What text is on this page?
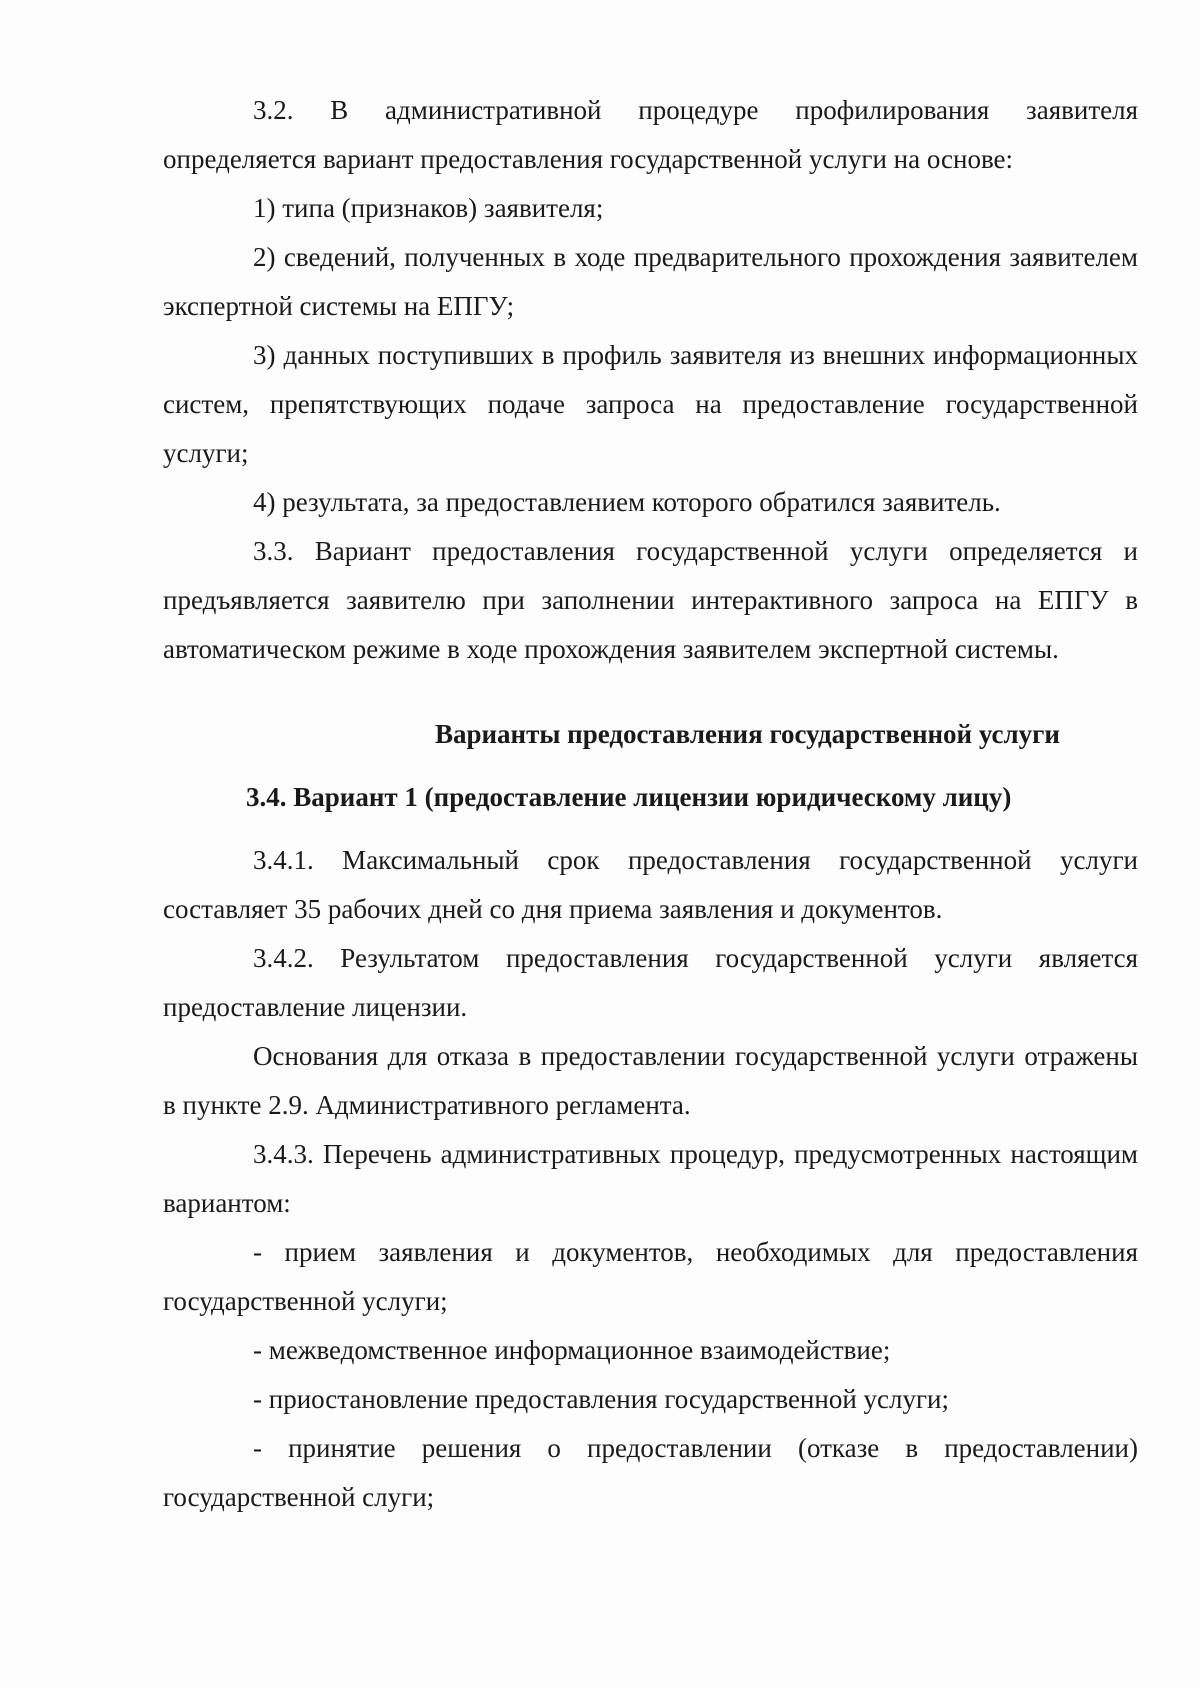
3.2. В административной процедуре профилирования заявителя определяется вариант предоставления государственной услуги на основе:

1) типа (признаков) заявителя;

2) сведений, полученных в ходе предварительного прохождения заявителем экспертной системы на ЕПГУ;

3) данных поступивших в профиль заявителя из внешних информационных систем, препятствующих подаче запроса на предоставление государственной услуги;

4) результата, за предоставлением которого обратился заявитель.

3.3. Вариант предоставления государственной услуги определяется и предъявляется заявителю при заполнении интерактивного запроса на ЕПГУ в автоматическом режиме в ходе прохождения заявителем экспертной системы.

Варианты предоставления государственной услуги
3.4. Вариант 1 (предоставление лицензии юридическому лицу)

3.4.1. Максимальный срок предоставления государственной услуги составляет 35 рабочих дней со дня приема заявления и документов.

3.4.2. Результатом предоставления государственной услуги является предоставление лицензии.

Основания для отказа в предоставлении государственной услуги отражены в пункте 2.9. Административного регламента.

3.4.3. Перечень административных процедур, предусмотренных настоящим вариантом:

- прием заявления и документов, необходимых для предоставления государственной услуги;

- межведомственное информационное взаимодействие;

- приостановление предоставления государственной услуги;

- принятие решения о предоставлении (отказе в предоставлении) государственной слуги;
